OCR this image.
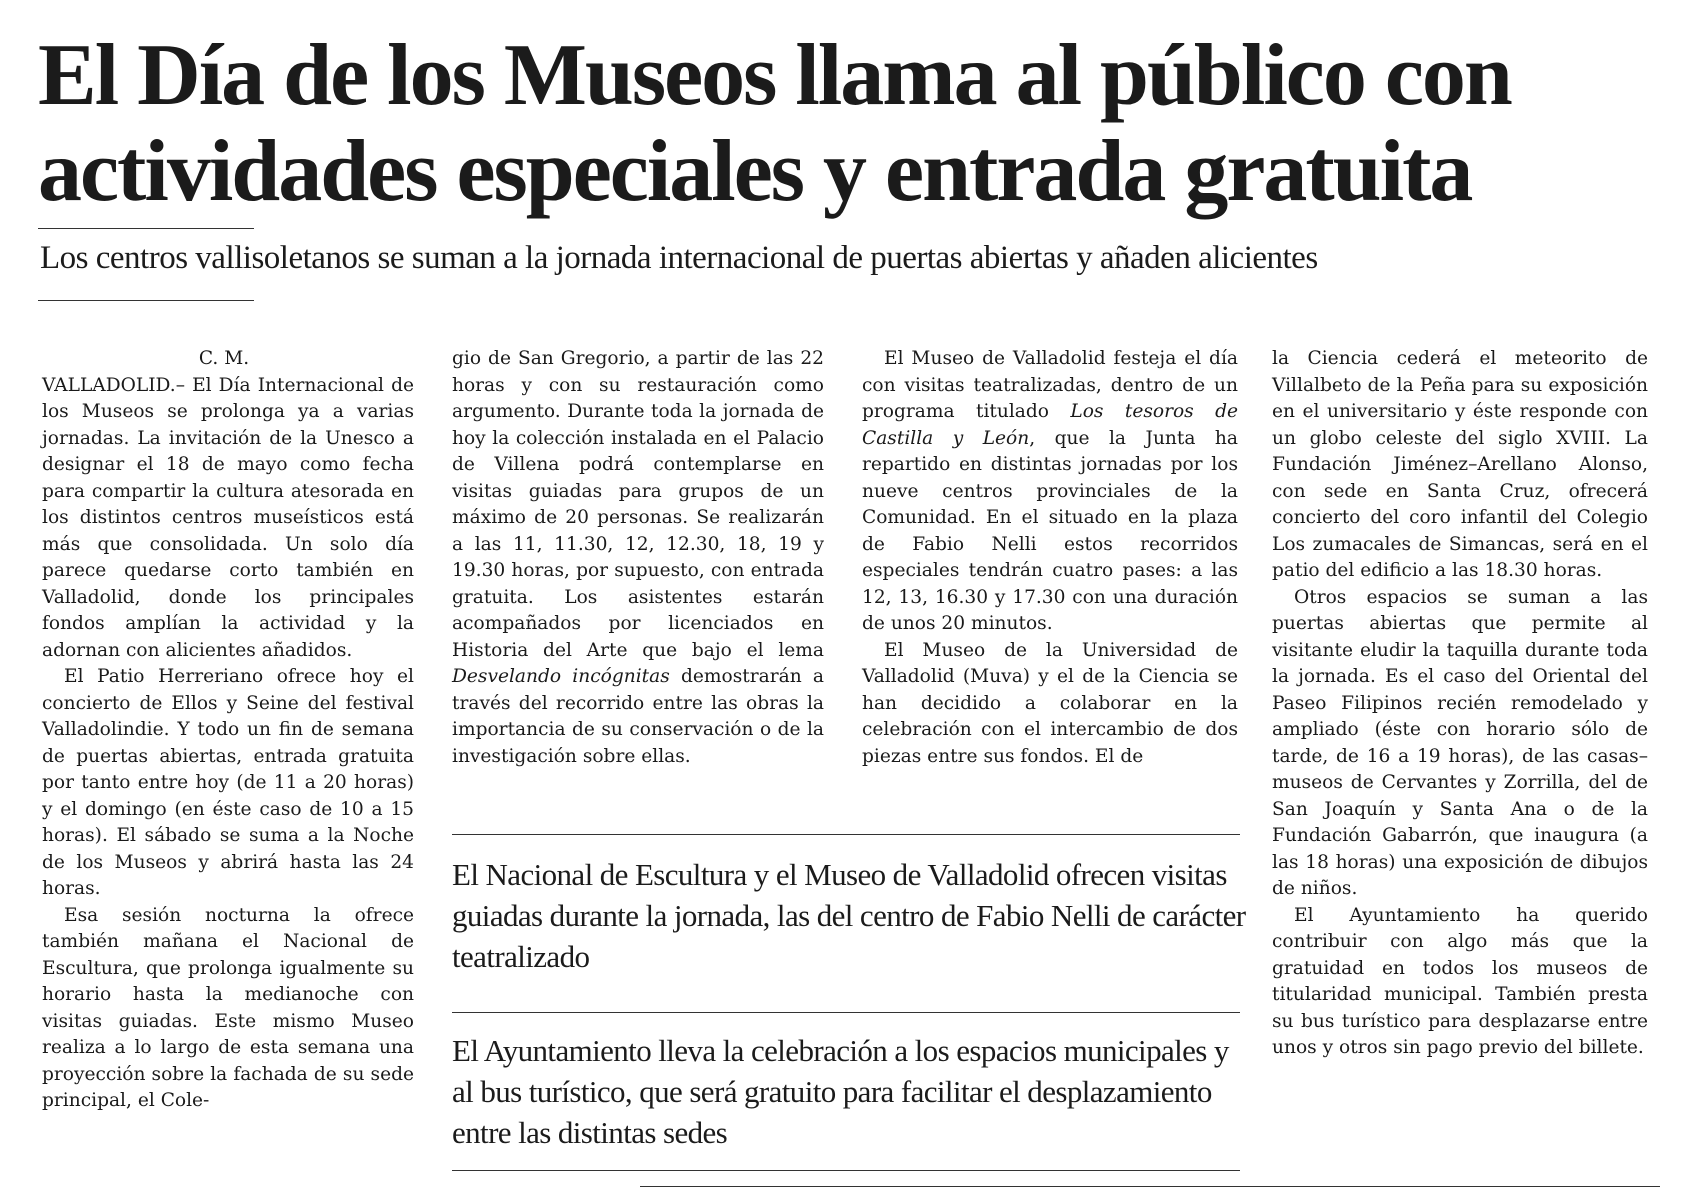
El Día de los Museos llama al público con actividades especiales y entrada gratuita
Los centros vallisoletanos se suman a la jornada internacional de puertas abiertas y añaden alicientes

C. M.

VALLADOLID.– El Día Internacional de los Museos se prolonga ya a varias jornadas. La invitación de la Unesco a designar el 18 de mayo como fecha para compartir la cultura atesorada en los distintos centros museísticos está más que consolidada. Un solo día parece quedarse corto también en Valladolid, donde los principales fondos amplían la actividad y la adornan con alicientes añadidos.

El Patio Herreriano ofrece hoy el concierto de Ellos y Seine del festival Valladolindie. Y todo un fin de semana de puertas abiertas, entrada gratuita por tanto entre hoy (de 11 a 20 horas) y el domingo (en éste caso de 10 a 15 horas). El sábado se suma a la Noche de los Museos y abrirá hasta las 24 horas.

Esa sesión nocturna la ofrece también mañana el Nacional de Escultura, que prolonga igualmente su horario hasta la medianoche con visitas guiadas. Este mismo Museo realiza a lo largo de esta semana una proyección sobre la fachada de su sede principal, el Cole-

gio de San Gregorio, a partir de las 22 horas y con su restauración como argumento. Durante toda la jornada de hoy la colección instalada en el Palacio de Villena podrá contemplarse en visitas guiadas para grupos de un máximo de 20 personas. Se realizarán a las 11, 11.30, 12, 12.30, 18, 19 y 19.30 horas, por supuesto, con entrada gratuita. Los asistentes estarán acompañados por licenciados en Historia del Arte que bajo el lema Desvelando incógnitas demostrarán a través del recorrido entre las obras la importancia de su conservación o de la investigación sobre ellas.

El Museo de Valladolid festeja el día con visitas teatralizadas, dentro de un programa titulado Los tesoros de Castilla y León, que la Junta ha repartido en distintas jornadas por los nueve centros provinciales de la Comunidad. En el situado en la plaza de Fabio Nelli estos recorridos especiales tendrán cuatro pases: a las 12, 13, 16.30 y 17.30 con una duración de unos 20 minutos.

El Museo de la Universidad de Valladolid (Muva) y el de la Ciencia se han decidido a colaborar en la celebración con el intercambio de dos piezas entre sus fondos. El de

la Ciencia cederá el meteorito de Villalbeto de la Peña para su exposición en el universitario y éste responde con un globo celeste del siglo XVIII. La Fundación Jiménez–Arellano Alonso, con sede en Santa Cruz, ofrecerá concierto del coro infantil del Colegio Los zumacales de Simancas, será en el patio del edificio a las 18.30 horas.

Otros espacios se suman a las puertas abiertas que permite al visitante eludir la taquilla durante toda la jornada. Es el caso del Oriental del Paseo Filipinos recién remodelado y ampliado (éste con horario sólo de tarde, de 16 a 19 horas), de las casas–museos de Cervantes y Zorrilla, del de San Joaquín y Santa Ana o de la Fundación Gabarrón, que inaugura (a las 18 horas) una exposición de dibujos de niños.

El Ayuntamiento ha querido contribuir con algo más que la gratuidad en todos los museos de titularidad municipal. También presta su bus turístico para desplazarse entre unos y otros sin pago previo del billete.

El Nacional de Escultura y el Museo de Valladolid ofrecen visitas guiadas durante la jornada, las del centro de Fabio Nelli de carácter teatralizado

El Ayuntamiento lleva la celebración a los espacios municipales y al bus turístico, que será gratuito para facilitar el desplazamiento entre las distintas sedes
